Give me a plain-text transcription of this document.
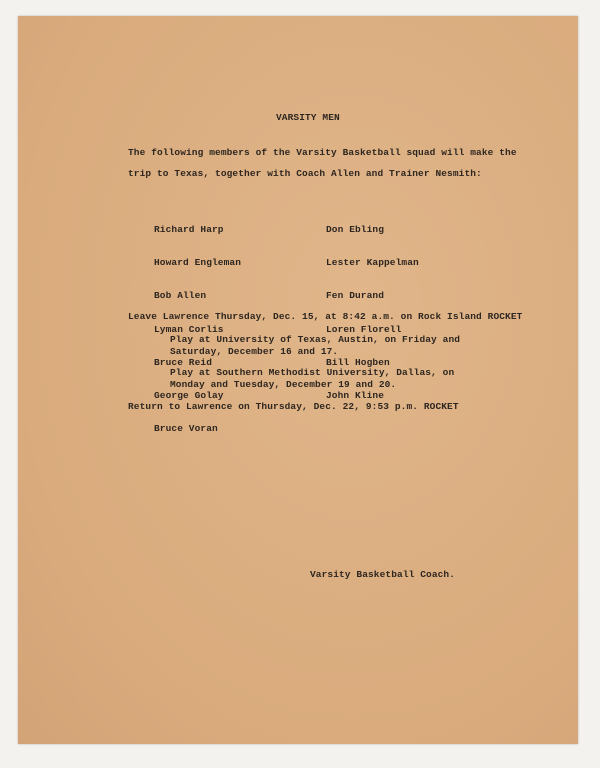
VARSITY MEN
The following members of the Varsity Basketball squad will make the
trip to Texas, together with Coach Allen and Trainer Nesmith:

Richard Harp

Howard Engleman

Bob Allen

Lyman Corlis

Bruce Reid

George Golay

Bruce Voran

Don Ebling

Lester Kappelman

Fen Durand

Loren Florell

Bill Hogben

John Kline

Leave Lawrence Thursday, Dec. 15, at 8:42 a.m. on Rock Island ROCKET
Play at University of Texas, Austin, on Friday and
Saturday, December 16 and 17.
Play at Southern Methodist University, Dallas, on
Monday and Tuesday, December 19 and 20.
Return to Lawrence on Thursday, Dec. 22, 9:53 p.m. ROCKET
Varsity Basketball Coach.
